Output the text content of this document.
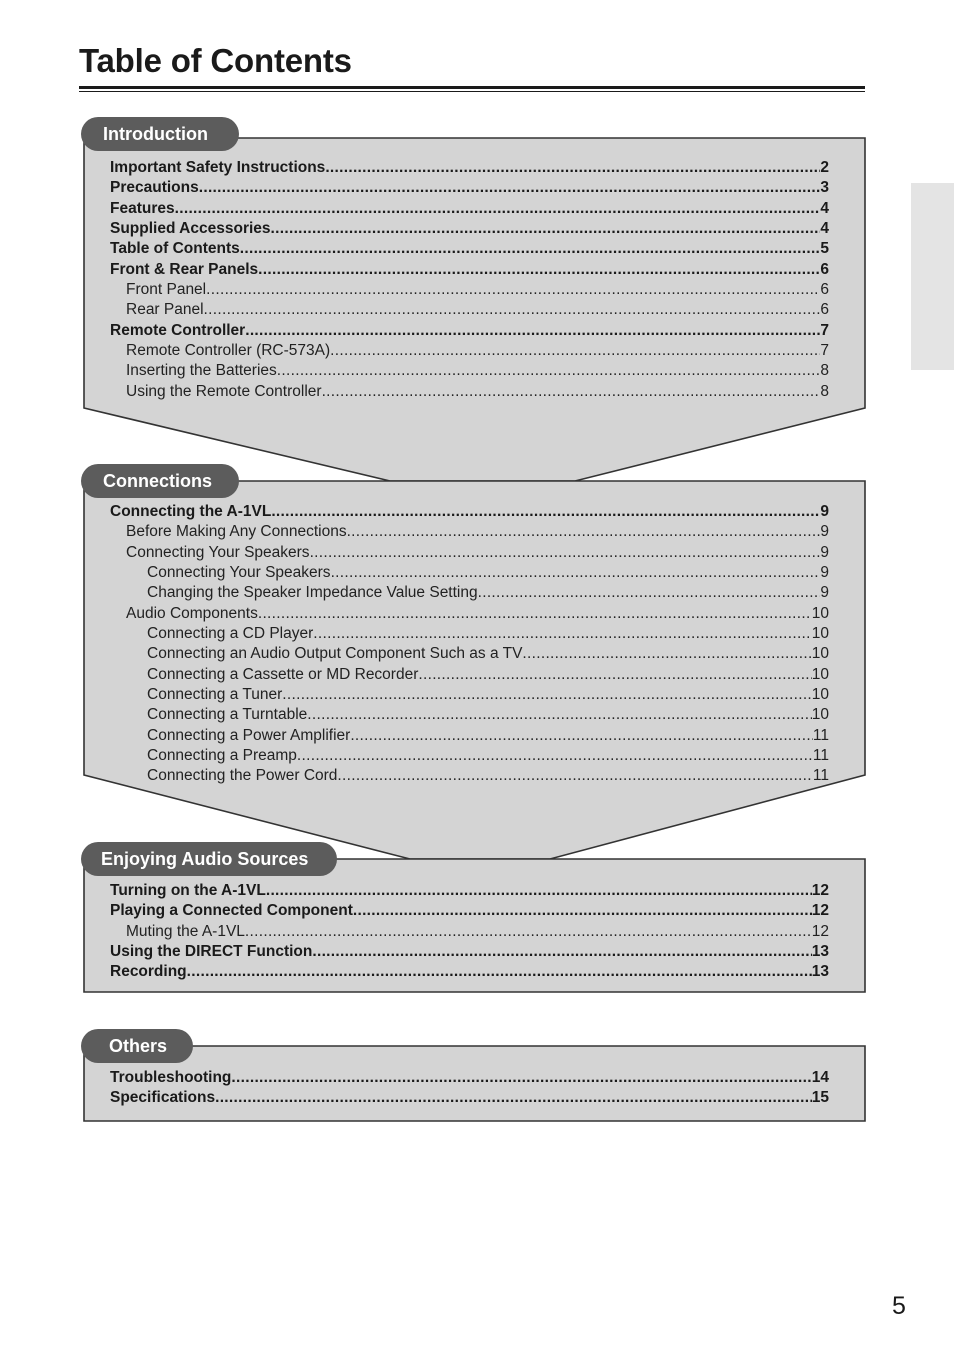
Table of Contents
Introduction
Connections
Enjoying Audio Sources
Others
Important Safety Instructions .....	2
Precautions .....	3
Features .....	4
Supplied Accessories .....	4
Table of Contents .....	5
Front & Rear Panels .....	6
Front Panel .....	6
Rear Panel .....	6
Remote Controller .....	7
Remote Controller (RC-573A) .....	7
Inserting the Batteries .....	8
Using the Remote Controller .....	8
Connecting the A-1VL .....	9
Before Making Any Connections .....	9
Connecting Your Speakers .....	9
Connecting Your Speakers .....	9
Changing the Speaker Impedance Value Setting .....	9
Audio Components .....	10
Connecting a CD Player .....	10
Connecting an Audio Output Component Such as a TV .....	10
Connecting a Cassette or MD Recorder .....	10
Connecting a Tuner .....	10
Connecting a Turntable .....	10
Connecting a Power Amplifier .....	11
Connecting a Preamp .....	11
Connecting the Power Cord .....	11
Turning on the A-1VL .....	12
Playing a Connected Component .....	12
Muting the A-1VL .....	12
Using the DIRECT Function .....	13
Recording .....	13
Troubleshooting .....	14
Specifications .....	15
5
